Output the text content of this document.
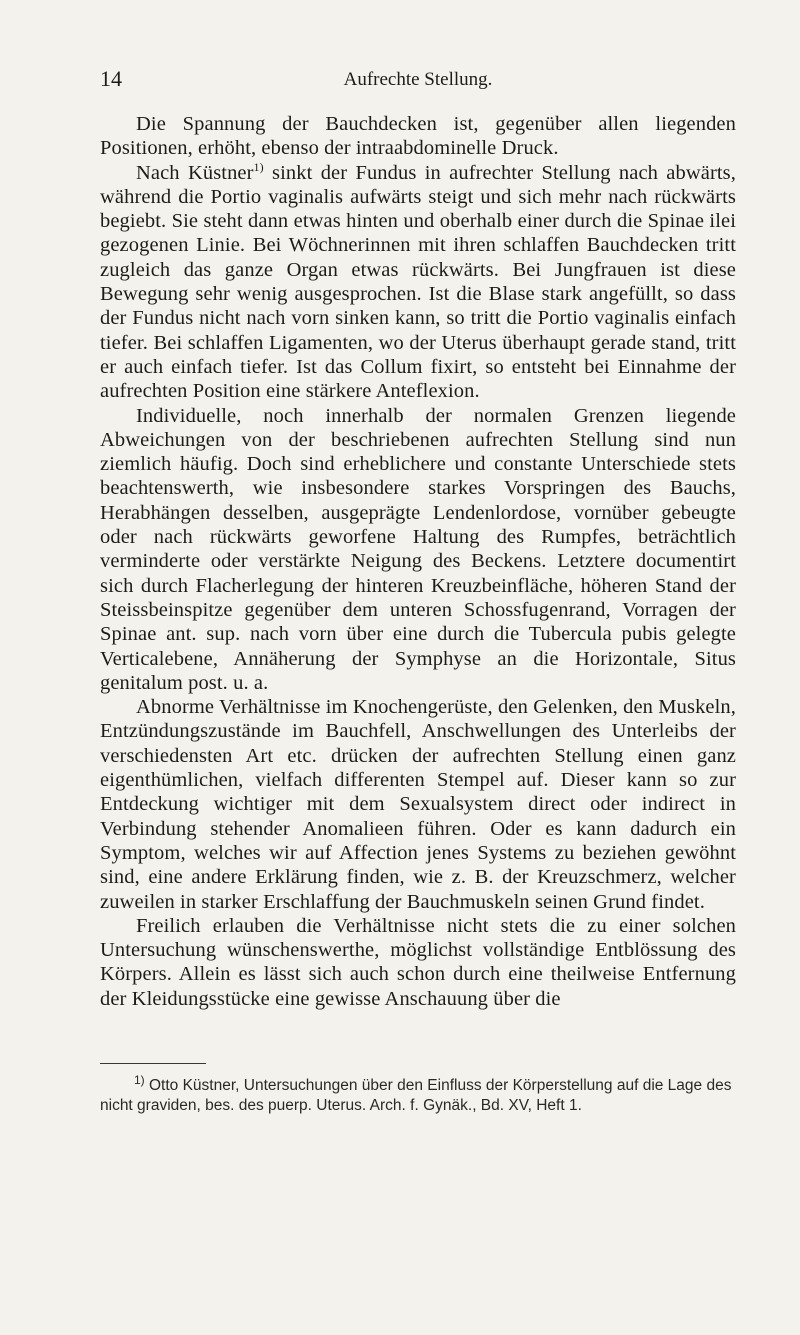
14	Aufrechte Stellung.

Die Spannung der Bauchdecken ist, gegenüber allen liegenden Positionen, erhöht, ebenso der intraabdominelle Druck.

Nach Küstner$^{1)}$ sinkt der Fundus in aufrechter Stellung nach abwärts, während die Portio vaginalis aufwärts steigt und sich mehr nach rückwärts begiebt. Sie steht dann etwas hinten und oberhalb einer durch die Spinae ilei gezogenen Linie. Bei Wöchnerinnen mit ihren schlaffen Bauchdecken tritt zugleich das ganze Organ etwas rückwärts. Bei Jungfrauen ist diese Bewegung sehr wenig ausgesprochen. Ist die Blase stark angefüllt, so dass der Fundus nicht nach vorn sinken kann, so tritt die Portio vaginalis einfach tiefer. Bei schlaffen Ligamenten, wo der Uterus überhaupt gerade stand, tritt er auch einfach tiefer. Ist das Collum fixirt, so entsteht bei Einnahme der aufrechten Position eine stärkere Anteflexion.

Individuelle, noch innerhalb der normalen Grenzen liegende Abweichungen von der beschriebenen aufrechten Stellung sind nun ziemlich häufig. Doch sind erheblichere und constante Unterschiede stets beachtenswerth, wie insbesondere starkes Vorspringen des Bauchs, Herabhängen desselben, ausgeprägte Lendenlordose, vornüber gebeugte oder nach rückwärts geworfene Haltung des Rumpfes, beträchtlich verminderte oder verstärkte Neigung des Beckens. Letztere documentirt sich durch Flacherlegung der hinteren Kreuzbeinfläche, höheren Stand der Steissbeinspitze gegenüber dem unteren Schossfugenrand, Vorragen der Spinae ant. sup. nach vorn über eine durch die Tubercula pubis gelegte Verticalebene, Annäherung der Symphyse an die Horizontale, Situs genitalum post. u. a.

Abnorme Verhältnisse im Knochengerüste, den Gelenken, den Muskeln, Entzündungszustände im Bauchfell, Anschwellungen des Unterleibs der verschiedensten Art etc. drücken der aufrechten Stellung einen ganz eigenthümlichen, vielfach differenten Stempel auf. Dieser kann so zur Entdeckung wichtiger mit dem Sexualsystem direct oder indirect in Verbindung stehender Anomalieen führen. Oder es kann dadurch ein Symptom, welches wir auf Affection jenes Systems zu beziehen gewöhnt sind, eine andere Erklärung finden, wie z. B. der Kreuzschmerz, welcher zuweilen in starker Erschlaffung der Bauchmuskeln seinen Grund findet.

Freilich erlauben die Verhältnisse nicht stets die zu einer solchen Untersuchung wünschenswerthe, möglichst vollständige Entblössung des Körpers. Allein es lässt sich auch schon durch eine theilweise Entfernung der Kleidungsstücke eine gewisse Anschauung über die

$^{1)}$ Otto Küstner, Untersuchungen über den Einfluss der Körperstellung auf die Lage des nicht graviden, bes. des puerp. Uterus. Arch. f. Gynäk., Bd. XV, Heft 1.
